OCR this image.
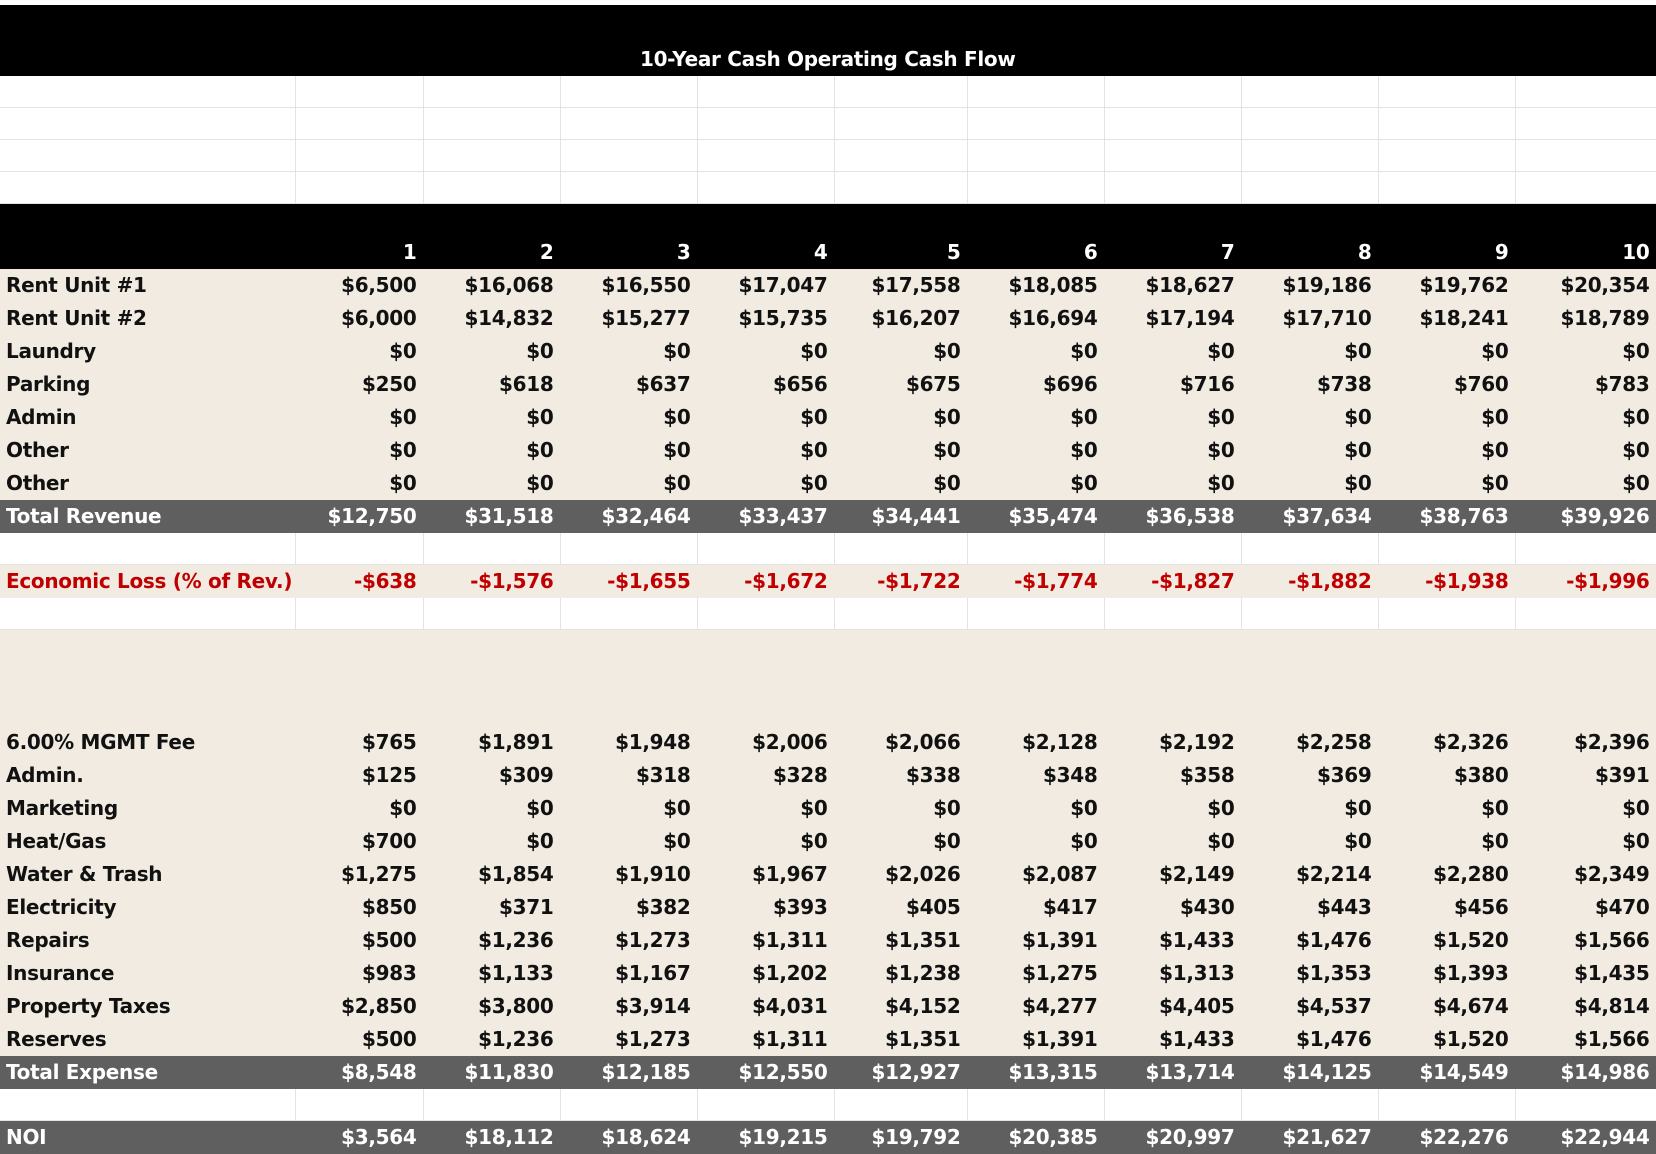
10-Year Cash Operating Cash Flow										

	1	2	3	4	5	6	7	8	9	10
Rent Unit #1	$6,500	$16,068	$16,550	$17,047	$17,558	$18,085	$18,627	$19,186	$19,762	$20,354
Rent Unit #2	$6,000	$14,832	$15,277	$15,735	$16,207	$16,694	$17,194	$17,710	$18,241	$18,789
Laundry	$0	$0	$0	$0	$0	$0	$0	$0	$0	$0
Parking	$250	$618	$637	$656	$675	$696	$716	$738	$760	$783
Admin	$0	$0	$0	$0	$0	$0	$0	$0	$0	$0
Other	$0	$0	$0	$0	$0	$0	$0	$0	$0	$0
Other	$0	$0	$0	$0	$0	$0	$0	$0	$0	$0
Total Revenue	$12,750	$31,518	$32,464	$33,437	$34,441	$35,474	$36,538	$37,634	$38,763	$39,926

Economic Loss (% of Rev.)	-$638	-$1,576	-$1,655	-$1,672	-$1,722	-$1,774	-$1,827	-$1,882	-$1,938	-$1,996

6.00% MGMT Fee	$765	$1,891	$1,948	$2,006	$2,066	$2,128	$2,192	$2,258	$2,326	$2,396
Admin.	$125	$309	$318	$328	$338	$348	$358	$369	$380	$391
Marketing	$0	$0	$0	$0	$0	$0	$0	$0	$0	$0
Heat/Gas	$700	$0	$0	$0	$0	$0	$0	$0	$0	$0
Water & Trash	$1,275	$1,854	$1,910	$1,967	$2,026	$2,087	$2,149	$2,214	$2,280	$2,349
Electricity	$850	$371	$382	$393	$405	$417	$430	$443	$456	$470
Repairs	$500	$1,236	$1,273	$1,311	$1,351	$1,391	$1,433	$1,476	$1,520	$1,566
Insurance	$983	$1,133	$1,167	$1,202	$1,238	$1,275	$1,313	$1,353	$1,393	$1,435
Property Taxes	$2,850	$3,800	$3,914	$4,031	$4,152	$4,277	$4,405	$4,537	$4,674	$4,814
Reserves	$500	$1,236	$1,273	$1,311	$1,351	$1,391	$1,433	$1,476	$1,520	$1,566
Total Expense	$8,548	$11,830	$12,185	$12,550	$12,927	$13,315	$13,714	$14,125	$14,549	$14,986

NOI	$3,564	$18,112	$18,624	$19,215	$19,792	$20,385	$20,997	$21,627	$22,276	$22,944
